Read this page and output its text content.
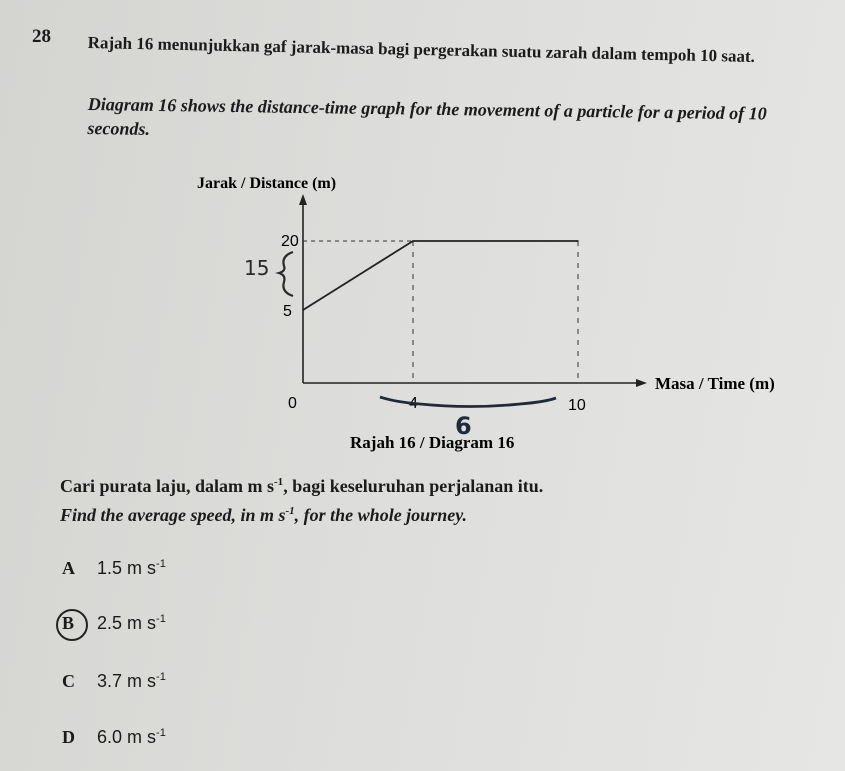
28 Rajah 16 menunjukkan gaf jarak-masa bagi pergerakan suatu zarah dalam tempoh 10 saat.
Diagram 16 shows the distance-time graph for the movement of a particle for a period of 10 seconds.
Jarak / Distance (m)
Masa / Time (m)
0	4	10
5
20
Rajah 16 / Diagram 16
15
6
Cari purata laju, dalam m $s^{-1}$, bagi keseluruhan perjalanan itu.
Find the average speed, in m $s^{-1}$, for the whole journey.
A 1.5 m $s^{-1}$
B 2.5 m $s^{-1}$
C 3.7 m $s^{-1}$
D 6.0 m $s^{-1}$
